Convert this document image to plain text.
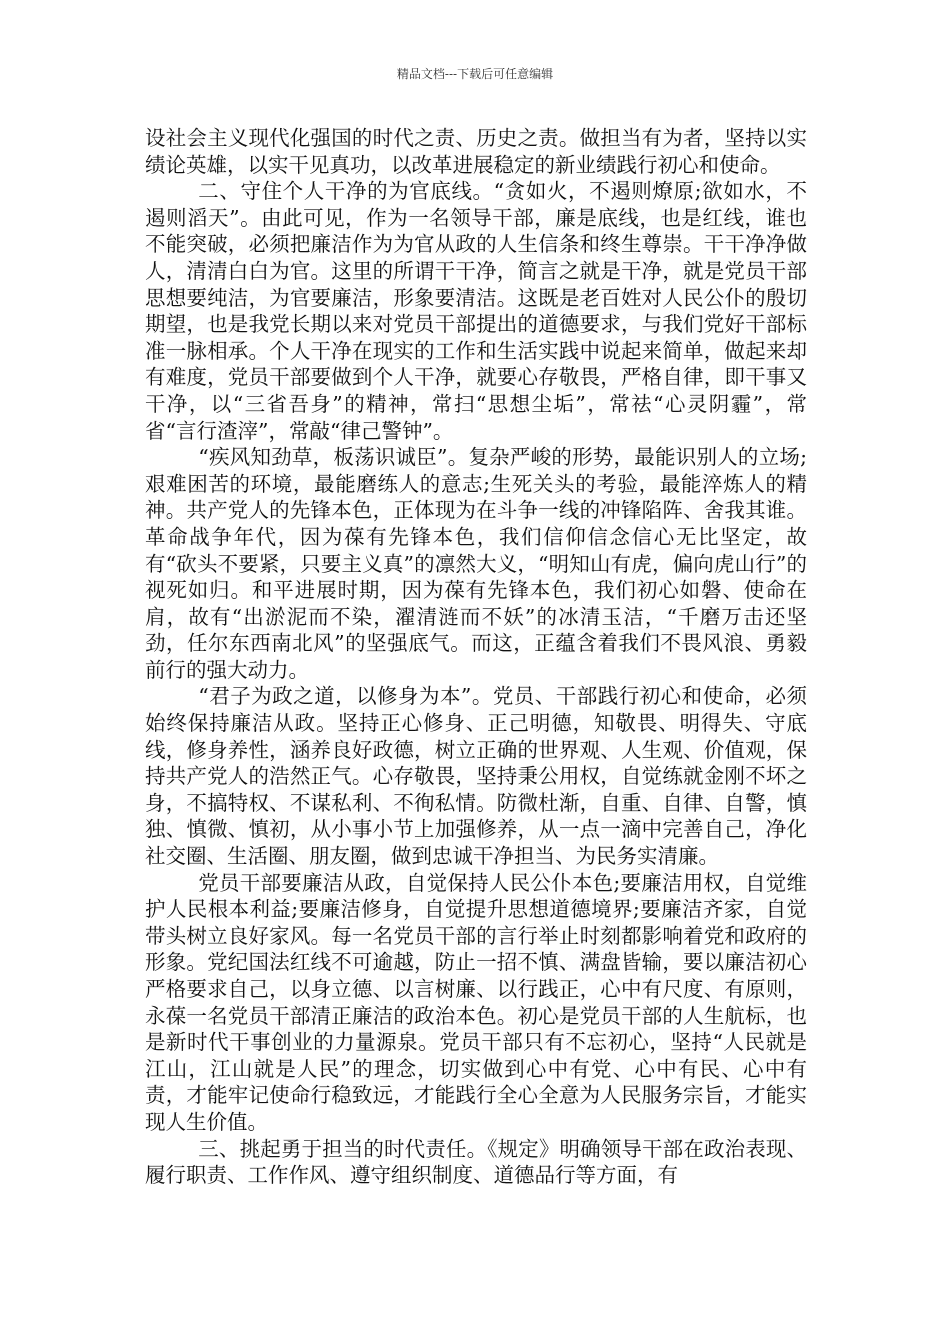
精品文档---下载后可任意编辑

设社会主义现代化强国的时代之责、历史之责。做担当有为者，坚持以实绩论英雄，以实干见真功，以改革进展稳定的新业绩践行初心和使命。

二、守住个人干净的为官底线。“贪如火，不遏则燎原;欲如水，不遏则滔天”。由此可见，作为一名领导干部，廉是底线，也是红线，谁也不能突破，必须把廉洁作为为官从政的人生信条和终生尊崇。干干净净做人，清清白白为官。这里的所谓干干净，简言之就是干净，就是党员干部思想要纯洁，为官要廉洁，形象要清洁。这既是老百姓对人民公仆的殷切期望，也是我党长期以来对党员干部提出的道德要求，与我们党好干部标准一脉相承。个人干净在现实的工作和生活实践中说起来简单，做起来却有难度，党员干部要做到个人干净，就要心存敬畏，严格自律，即干事又干净，以“三省吾身”的精神，常扫“思想尘垢”，常祛“心灵阴霾”，常省“言行渣滓”，常敲“律己警钟”。

“疾风知劲草，板荡识诚臣”。复杂严峻的形势，最能识别人的立场;艰难困苦的环境，最能磨练人的意志;生死关头的考验，最能淬炼人的精神。共产党人的先锋本色，正体现为在斗争一线的冲锋陷阵、舍我其谁。革命战争年代，因为葆有先锋本色，我们信仰信念信心无比坚定，故有“砍头不要紧，只要主义真”的凛然大义，“明知山有虎，偏向虎山行”的视死如归。和平进展时期，因为葆有先锋本色，我们初心如磐、使命在肩，故有“出淤泥而不染，濯清涟而不妖”的冰清玉洁，“千磨万击还坚劲，任尔东西南北风”的坚强底气。而这，正蕴含着我们不畏风浪、勇毅前行的强大动力。

“君子为政之道，以修身为本”。党员、干部践行初心和使命，必须始终保持廉洁从政。坚持正心修身、正己明德，知敬畏、明得失、守底线，修身养性，涵养良好政德，树立正确的世界观、人生观、价值观，保持共产党人的浩然正气。心存敬畏，坚持秉公用权，自觉练就金刚不坏之身，不搞特权、不谋私利、不徇私情。防微杜渐，自重、自律、自警，慎独、慎微、慎初，从小事小节上加强修养，从一点一滴中完善自己，净化社交圈、生活圈、朋友圈，做到忠诚干净担当、为民务实清廉。

党员干部要廉洁从政，自觉保持人民公仆本色;要廉洁用权，自觉维护人民根本利益;要廉洁修身，自觉提升思想道德境界;要廉洁齐家，自觉带头树立良好家风。每一名党员干部的言行举止时刻都影响着党和政府的形象。党纪国法红线不可逾越，防止一招不慎、满盘皆输，要以廉洁初心严格要求自己，以身立德、以言树廉、以行践正，心中有尺度、有原则，永葆一名党员干部清正廉洁的政治本色。初心是党员干部的人生航标，也是新时代干事创业的力量源泉。党员干部只有不忘初心，坚持“人民就是江山，江山就是人民”的理念，切实做到心中有党、心中有民、心中有责，才能牢记使命行稳致远，才能践行全心全意为人民服务宗旨，才能实现人生价值。

三、挑起勇于担当的时代责任。《规定》明确领导干部在政治表现、履行职责、工作作风、遵守组织制度、道德品行等方面，有
